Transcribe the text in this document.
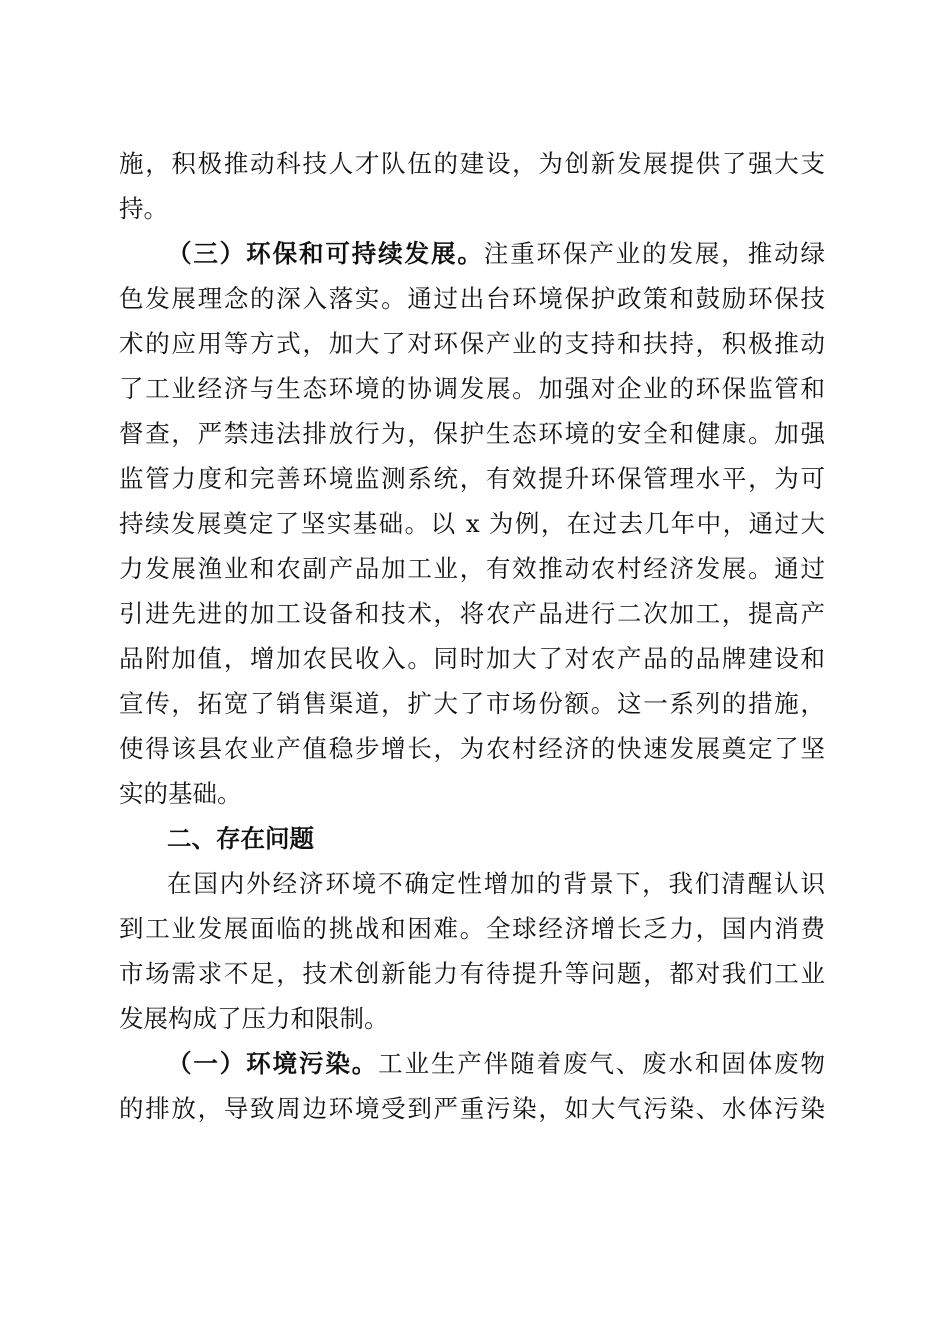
施，积极推动科技人才队伍的建设，为创新发展提供了强大支
持。
（三）环保和可持续发展。注重环保产业的发展，推动绿
色发展理念的深入落实。通过出台环境保护政策和鼓励环保技
术的应用等方式，加大了对环保产业的支持和扶持，积极推动
了工业经济与生态环境的协调发展。加强对企业的环保监管和
督查，严禁违法排放行为，保护生态环境的安全和健康。加强
监管力度和完善环境监测系统，有效提升环保管理水平，为可
持续发展奠定了坚实基础。以 x 为例，在过去几年中，通过大
力发展渔业和农副产品加工业，有效推动农村经济发展。通过
引进先进的加工设备和技术，将农产品进行二次加工，提高产
品附加值，增加农民收入。同时加大了对农产品的品牌建设和
宣传，拓宽了销售渠道，扩大了市场份额。这一系列的措施，
使得该县农业产值稳步增长，为农村经济的快速发展奠定了坚
实的基础。
二、存在问题
在国内外经济环境不确定性增加的背景下，我们清醒认识
到工业发展面临的挑战和困难。全球经济增长乏力，国内消费
市场需求不足，技术创新能力有待提升等问题，都对我们工业
发展构成了压力和限制。
（一）环境污染。工业生产伴随着废气、废水和固体废物
的排放，导致周边环境受到严重污染，如大气污染、水体污染
